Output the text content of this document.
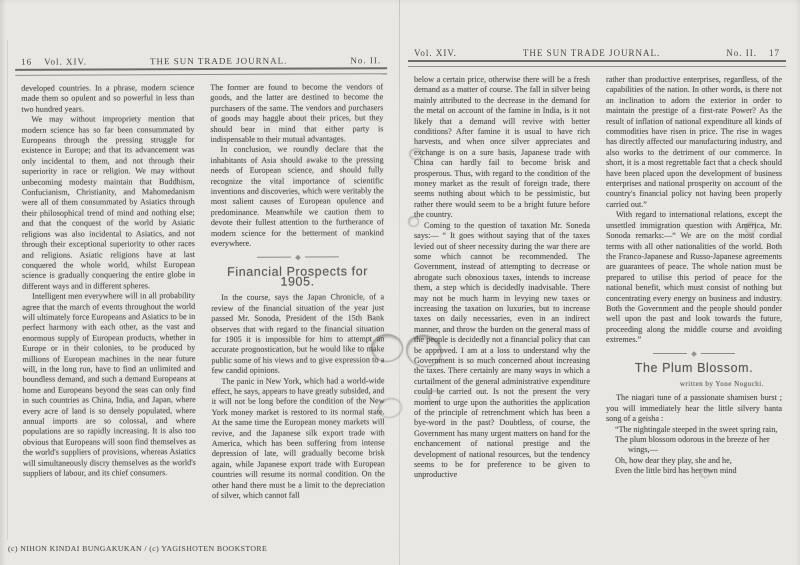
16 Vol. XIV.	THE SUN TRADE JOURNAL.	No. II.

developed countries. In a phrase, modern science made them so opulent and so powerful in less than two hundred years.

We may without impropriety mention that modern science has so far been consummated by Europeans through the pressing struggle for existence in Europe; and that its advancement was only incidental to them, and not through their superiority in race or religion. We may without unbecoming modesty maintain that Buddhism, Confucianism, Christianity, and Mahomedanism were all of them consummated by Asiatics through their philosophical trend of mind and nothing else; and that the conquest of the world by Asiatic religions was also incidental to Asiatics, and not through their exceptional superiority to other races and religions. Asiatic religions have at last conquered the whole world, whilst European science is gradually conquering the entire globe in different ways and in different spheres.

Intelligent men everywhere will in all probability agree that the march of events throughout the world will ultimately force Europeans and Asiatics to be in perfect harmony with each other, as the vast and enormous supply of European products, whether in Europe or in their colonies, to be produced by millions of European machines in the near future will, in the long run, have to find an unlimited and boundless demand, and such a demand Europeans at home and Europeans beyond the seas can only find in such countries as China, India, and Japan, where every acre of land is so densely populated, where annual imports are so colossal, and where populations are so rapidly increasing. It is also too obvious that Europeans will soon find themselves as the world's suppliers of provisions, whereas Asiatics will simultaneously discry themselves as the world's suppliers of labour, and its chief consumers.

The former are found to become the vendors of goods, and the latter are destined to become the purchasers of the same. The vendors and purchasers of goods may haggle about their prices, but they should bear in mind that either party is indispensable to their mutual advantages.

In conclusion, we roundly declare that the inhabitants of Asia should awake to the pressing needs of European science, and should fully recognize the vital importance of scientific inventions and discoveries, which were veritably the most salient causes of European opulence and predominance. Meanwhile we caution them to devote their fullest attention to the furtherance of modern science for the betterment of mankind everywhere.

Financial Prospects for 1905.

In the course, says the Japan Chronicle, of a review of the financial situation of the year just passed Mr. Sonoda, President of the 15th Bank observes that with regard to the financial situation for 1905 it is impossible for him to attempt an accurate prognostication, but he would like to make public some of his views and to give expression to a few candid opinions.

The panic in New York, which had a world-wide effect, he says, appears to have greatly subsided, and it will not be long before the condition of the New York money market is restored to its normal state. At the same time the European money markets will revive, and the Japanese silk export trade with America, which has been suffering from intense depression of late, will gradually become brisk again, while Japanese export trade with European countries will resume its normal condition. On the other hand there must be a limit to the depreciation of silver, which cannot fall

Vol. XIV.	THE SUN TRADE JOURNAL.	No. II. 17

below a certain price, otherwise there will be a fresh demand as a matter of course. The fall in silver being mainly attributed to the decrease in the demand for the metal on account of the famine in India, is it not likely that a demand will revive with better conditions? After famine it is usual to have rich harvests, and when once silver appreciates and exchange is on a sure basis, Japanese trade with China can hardly fail to become brisk and prosperous. Thus, with regard to the condition of the money market as the result of foreign trade, there seems nothing about which to be pessimistic, but rather there would seem to be a bright future before the country.

Coming to the question of taxation Mr. Soneda says:— “ It goes without saying that of the taxes levied out of sheer necessity during the war there are some which cannot be recommended. The Government, instead of attempting to decrease or abrogate such obnoxious taxes, intends to increase them, a step which is decidedly inadvisable. There may not be much harm in levying new taxes or increasing the taxation on luxuries, but to increase taxes on daily necessaries, even in an indirect manner, and throw the burden on the general mass of the people is decidedly not a financial policy that can be approved. I am at a loss to understand why the Government is so much concerned about increasing the taxes. There certainly are many ways in which a curtailment of the general administrative expenditure could be carried out. Is not the present the very moment to urge upon the authorities the application of the principle of retrenchment which has been a bye-word in the past? Doubtless, of course, the Government has many urgent matters on hand for the enchancement of national prestige and the development of national resources, but the tendency seems to be for preference to be given to unproductive

rather than productive enterprises, regardless, of the capabilities of the nation. In other words, is there not an inclination to adorn the exterior in order to maintain the prestige of a first-rate Power? As the result of inflation of national expenditure all kinds of commodities have risen in price. The rise in wages has directly affected our manufacturing industry, and also works to the detriment of our commerce. In short, it is a most regrettable fact that a check should have been placed upon the development of business enterprises and national prosperity on account of the country's financial policy not having been properly carried out.”

With regard to international relations, except the unsettled immigration question with America, Mr. Sonoda remarks:—“ We are on the most cordial terms with all other nationalities of the world. Both the Franco-Japanese and Russo-Japanese agreements are guarantees of peace. The whole nation must be prepared to utilise this period of peace for the national benefit, which must consist of nothing but concentrating every energy on business and industry. Both the Government and the people should ponder well upon the past and look towards the future, proceeding along the middle course and avoiding extremes.”

The Plum Blossom.

written by Yone Noguchi.

The niagari tune of a passionate shamisen burst ; you will immediately hear the little silvery banta song of a geisha :

“The nightingale steeped in the sweet spring rain,

The plum blossom odorous in the breeze of her wings,—

Oh, how dear they play, she and he,

Even the little bird has her own mind

(c) NIHON KINDAI BUNGAKUKAN / (c) YAGISHOTEN BOOKSTORE
